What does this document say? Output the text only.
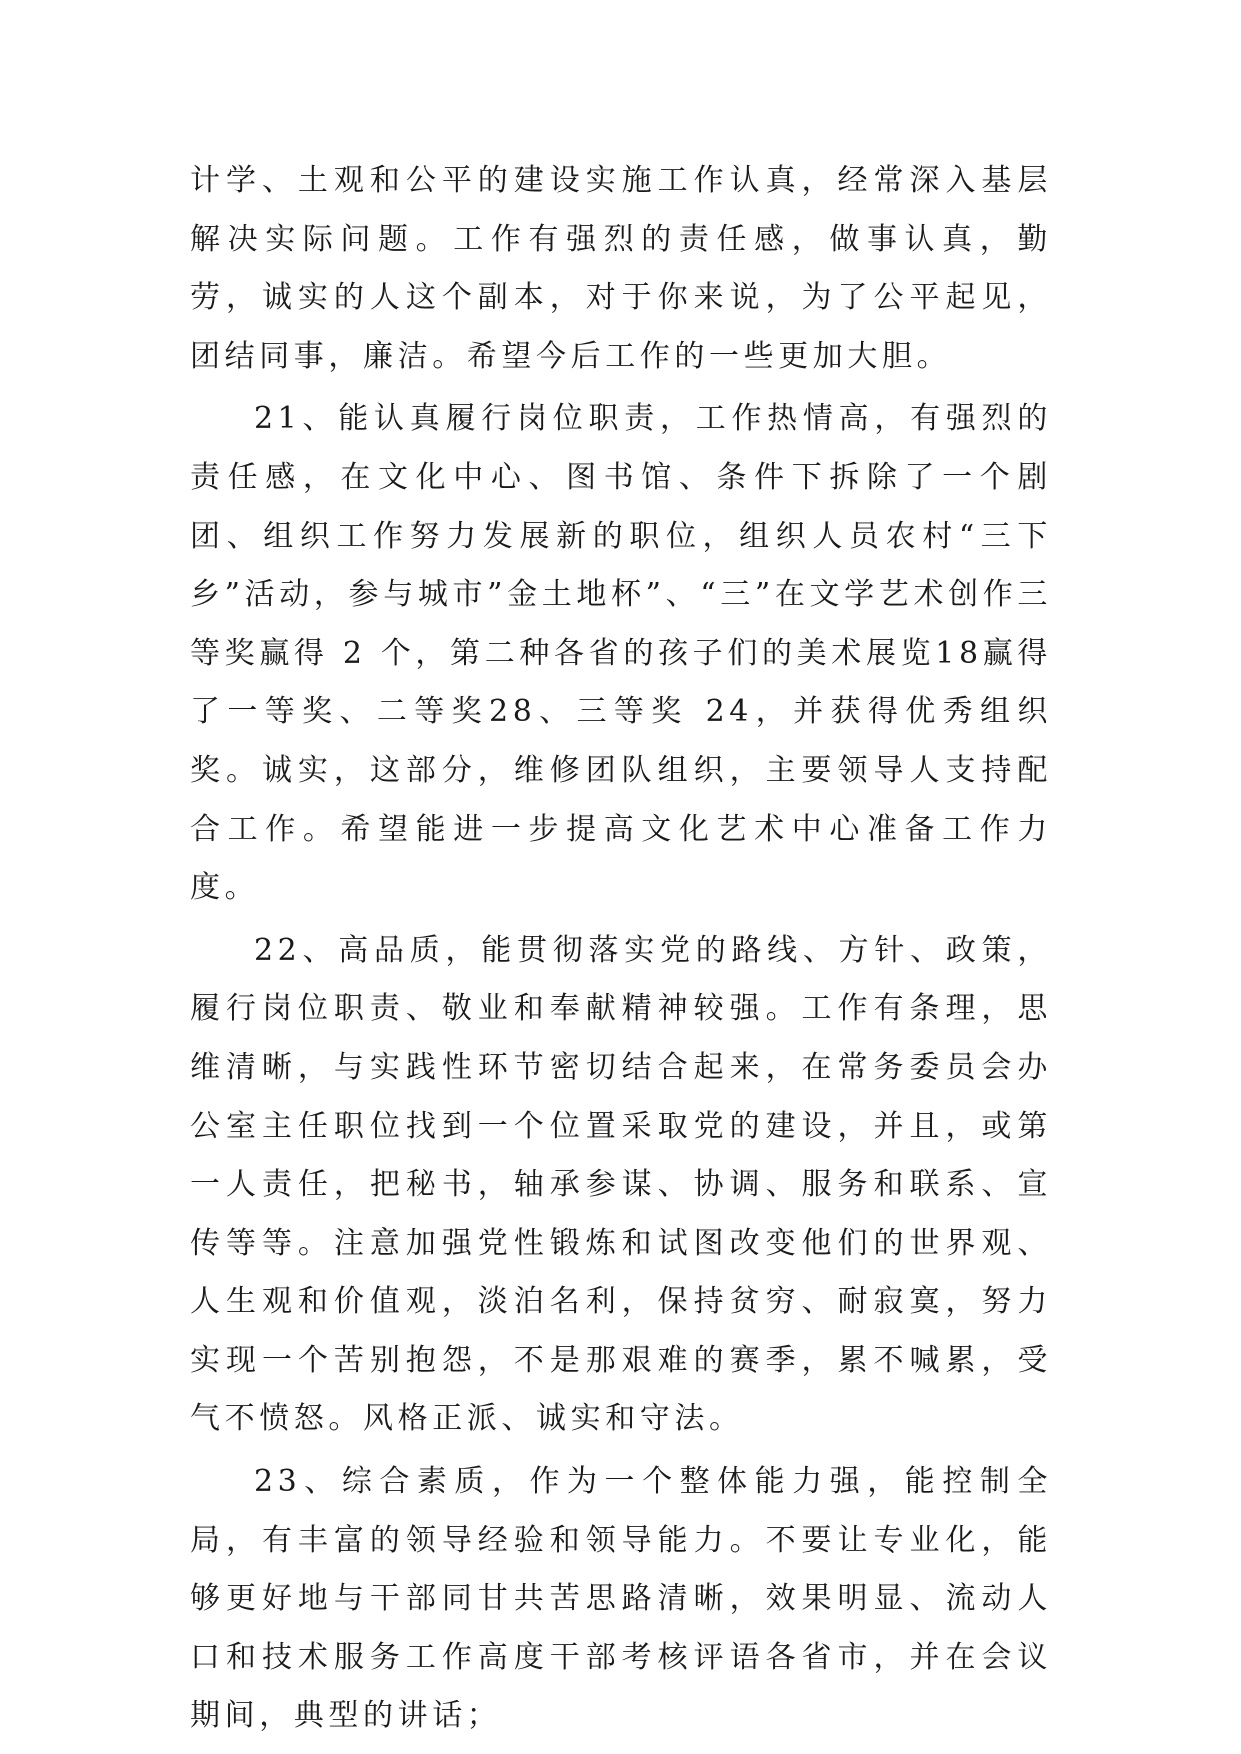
计学、土观和公平的建设实施工作认真，经常深入基层解决实际问题。工作有强烈的责任感，做事认真，勤劳，诚实的人这个副本，对于你来说，为了公平起见，团结同事，廉洁。希望今后工作的一些更加大胆。

21、能认真履行岗位职责，工作热情高，有强烈的责任感，在文化中心、图书馆、条件下拆除了一个剧团、组织工作努力发展新的职位，组织人员农村“三下乡”活动，参与城市”金土地杯”、“三”在文学艺术创作三等奖赢得 2 个，第二种各省的孩子们的美术展览18赢得了一等奖、二等奖28、三等奖 24，并获得优秀组织奖。诚实，这部分，维修团队组织，主要领导人支持配合工作。希望能进一步提高文化艺术中心准备工作力度。

22、高品质，能贯彻落实党的路线、方针、政策，履行岗位职责、敬业和奉献精神较强。工作有条理，思维清晰，与实践性环节密切结合起来，在常务委员会办公室主任职位找到一个位置采取党的建设，并且，或第一人责任，把秘书，轴承参谋、协调、服务和联系、宣传等等。注意加强党性锻炼和试图改变他们的世界观、人生观和价值观，淡泊名利，保持贫穷、耐寂寞，努力实现一个苦别抱怨，不是那艰难的赛季，累不喊累，受气不愤怒。风格正派、诚实和守法。

23、综合素质，作为一个整体能力强，能控制全局，有丰富的领导经验和领导能力。不要让专业化，能够更好地与干部同甘共苦思路清晰，效果明显、流动人口和技术服务工作高度干部考核评语各省市，并在会议期间，典型的讲话；
